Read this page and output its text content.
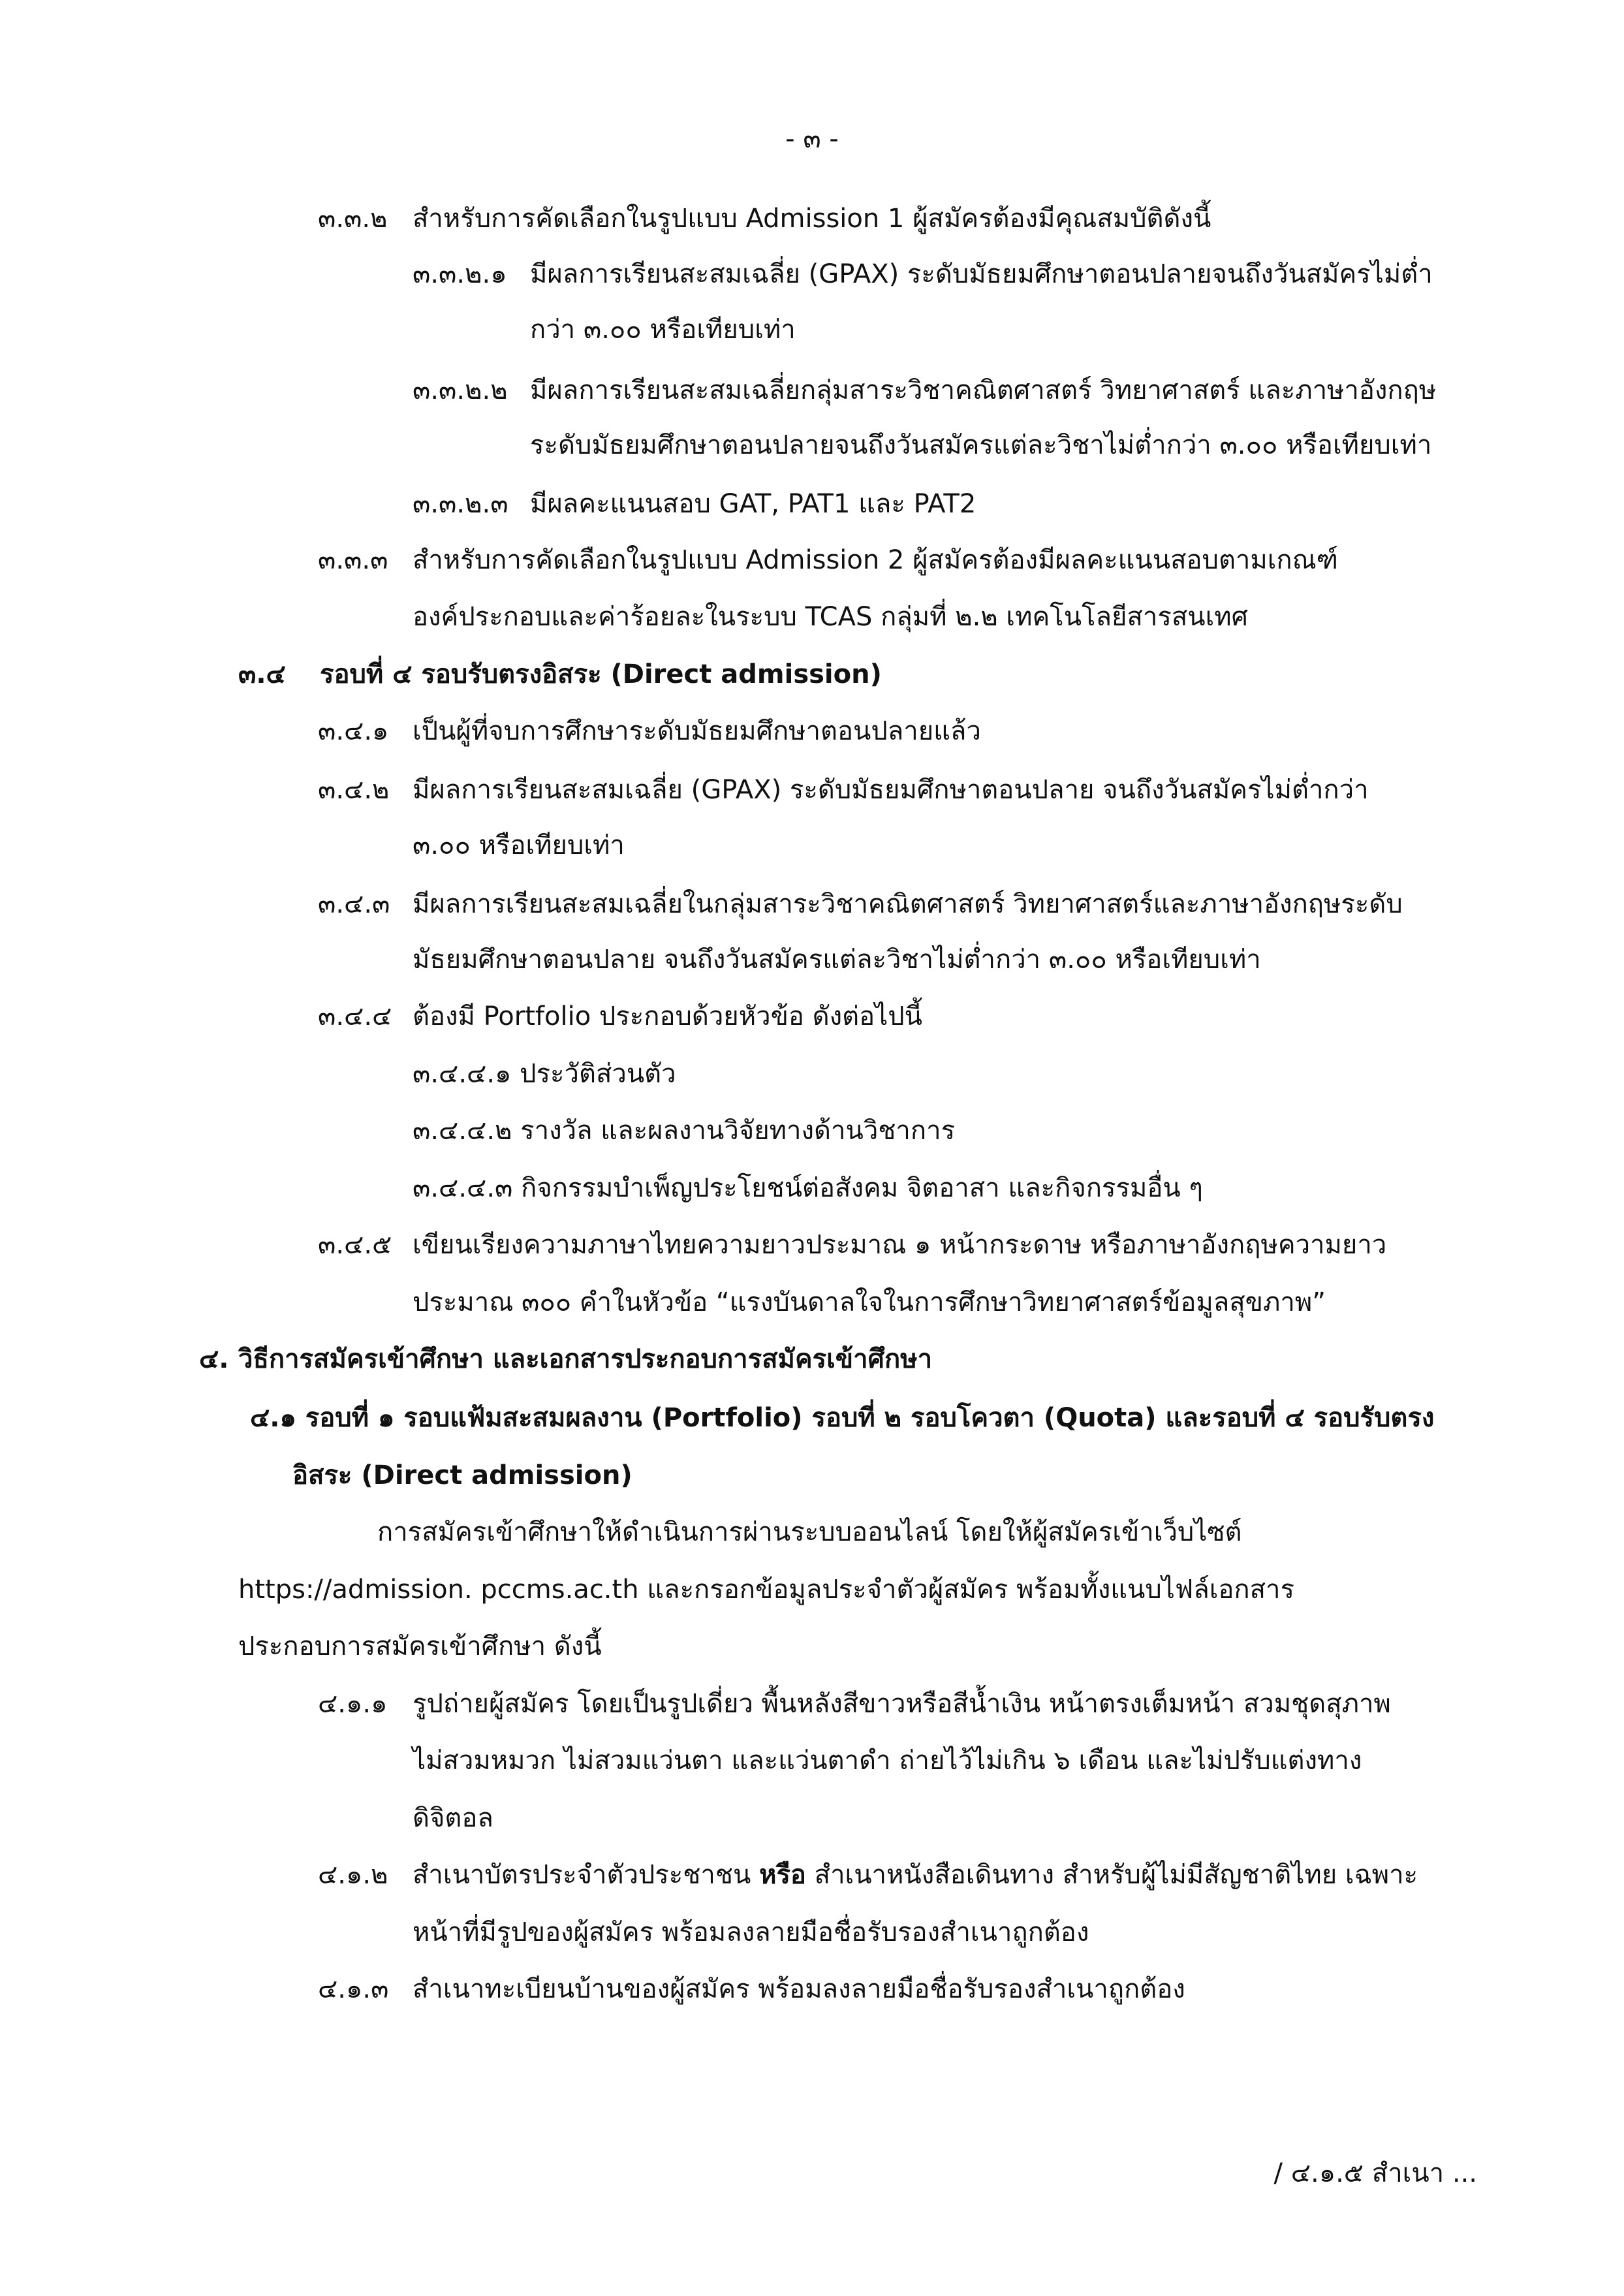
- ๓ -
๓.๓.๒ สำหรับการคัดเลือกในรูปแบบ Admission 1 ผู้สมัครต้องมีคุณสมบัติดังนี้
๓.๓.๒.๑ มีผลการเรียนสะสมเฉลี่ย (GPAX) ระดับมัธยมศึกษาตอนปลายจนถึงวันสมัครไม่ต่ำ
กว่า ๓.๐๐ หรือเทียบเท่า
๓.๓.๒.๒ มีผลการเรียนสะสมเฉลี่ยกลุ่มสาระวิชาคณิตศาสตร์ วิทยาศาสตร์ และภาษาอังกฤษ
ระดับมัธยมศึกษาตอนปลายจนถึงวันสมัครแต่ละวิชาไม่ต่ำกว่า ๓.๐๐ หรือเทียบเท่า
๓.๓.๒.๓ มีผลคะแนนสอบ GAT, PAT1 และ PAT2
๓.๓.๓ สำหรับการคัดเลือกในรูปแบบ Admission 2 ผู้สมัครต้องมีผลคะแนนสอบตามเกณฑ์
องค์ประกอบและค่าร้อยละในระบบ TCAS กลุ่มที่ ๒.๒ เทคโนโลยีสารสนเทศ
๓.๔ รอบที่ ๔ รอบรับตรงอิสระ (Direct admission)
๓.๔.๑ เป็นผู้ที่จบการศึกษาระดับมัธยมศึกษาตอนปลายแล้ว
๓.๔.๒ มีผลการเรียนสะสมเฉลี่ย (GPAX) ระดับมัธยมศึกษาตอนปลาย จนถึงวันสมัครไม่ต่ำกว่า
๓.๐๐ หรือเทียบเท่า
๓.๔.๓ มีผลการเรียนสะสมเฉลี่ยในกลุ่มสาระวิชาคณิตศาสตร์ วิทยาศาสตร์และภาษาอังกฤษระดับ
มัธยมศึกษาตอนปลาย จนถึงวันสมัครแต่ละวิชาไม่ต่ำกว่า ๓.๐๐ หรือเทียบเท่า
๓.๔.๔ ต้องมี Portfolio ประกอบด้วยหัวข้อ ดังต่อไปนี้
๓.๔.๔.๑ ประวัติส่วนตัว
๓.๔.๔.๒ รางวัล และผลงานวิจัยทางด้านวิชาการ
๓.๔.๔.๓ กิจกรรมบำเพ็ญประโยชน์ต่อสังคม จิตอาสา และกิจกรรมอื่น ๆ
๓.๔.๕ เขียนเรียงความภาษาไทยความยาวประมาณ ๑ หน้ากระดาษ หรือภาษาอังกฤษความยาว
ประมาณ ๓๐๐ คำในหัวข้อ “แรงบันดาลใจในการศึกษาวิทยาศาสตร์ข้อมูลสุขภาพ”
๔. วิธีการสมัครเข้าศึกษา และเอกสารประกอบการสมัครเข้าศึกษา
๔.๑ รอบที่ ๑ รอบแฟ้มสะสมผลงาน (Portfolio) รอบที่ ๒ รอบโควตา (Quota) และรอบที่ ๔ รอบรับตรง
อิสระ (Direct admission)
การสมัครเข้าศึกษาให้ดำเนินการผ่านระบบออนไลน์ โดยให้ผู้สมัครเข้าเว็บไซต์
https://admission. pccms.ac.th และกรอกข้อมูลประจำตัวผู้สมัคร พร้อมทั้งแนบไฟล์เอกสาร
ประกอบการสมัครเข้าศึกษา ดังนี้
๔.๑.๑ รูปถ่ายผู้สมัคร โดยเป็นรูปเดี่ยว พื้นหลังสีขาวหรือสีน้ำเงิน หน้าตรงเต็มหน้า สวมชุดสุภาพ
ไม่สวมหมวก ไม่สวมแว่นตา และแว่นตาดำ ถ่ายไว้ไม่เกิน ๖ เดือน และไม่ปรับแต่งทาง
ดิจิตอล
๔.๑.๒ สำเนาบัตรประจำตัวประชาชน หรือ สำเนาหนังสือเดินทาง สำหรับผู้ไม่มีสัญชาติไทย เฉพาะ
หน้าที่มีรูปของผู้สมัคร พร้อมลงลายมือชื่อรับรองสำเนาถูกต้อง
๔.๑.๓ สำเนาทะเบียนบ้านของผู้สมัคร พร้อมลงลายมือชื่อรับรองสำเนาถูกต้อง
/ ๔.๑.๕ สำเนา ...
